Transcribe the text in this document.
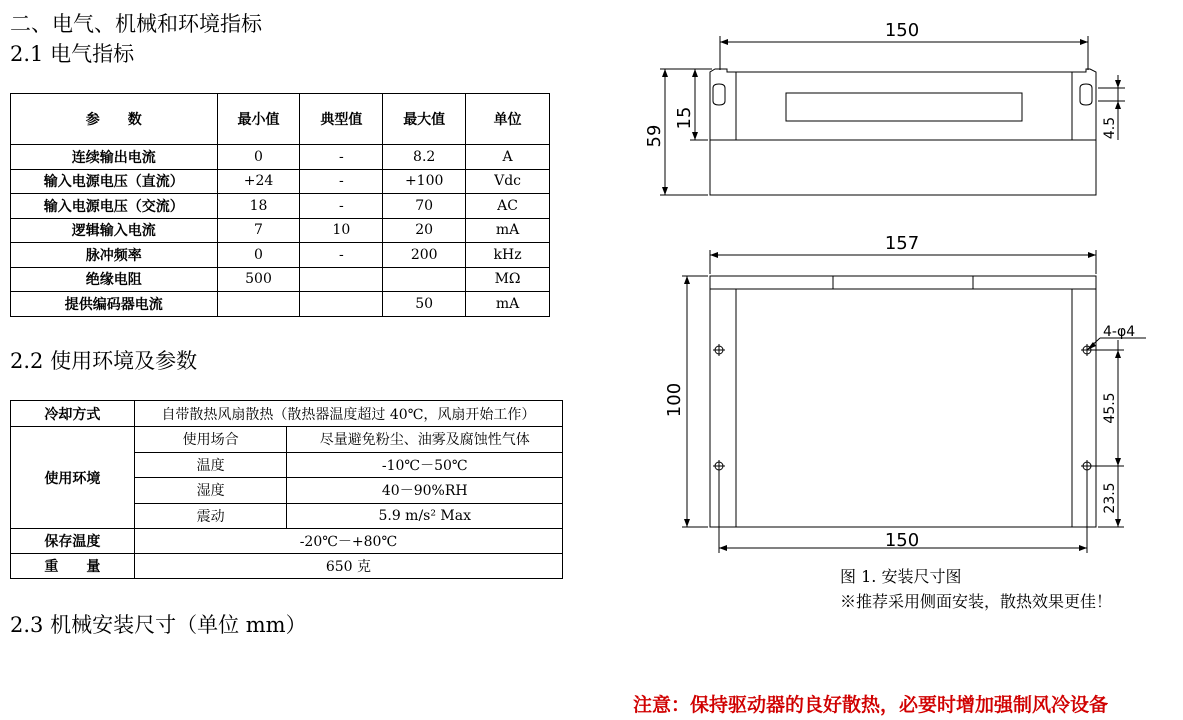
二、电气、机械和环境指标
2.1 电气指标
2.2 使用环境及参数
2.3 机械安装尺寸（单位 mm）
参　　数	最小值	典型值	最大值	单位
连续输出电流	0	-	8.2	A
输入电源电压（直流）	+24	-	+100	Vdc
输入电源电压（交流）	18	-	70	AC
逻辑输入电流	7	10	20	mA
脉冲频率	0	-	200	kHz
绝缘电阻	500			MΩ
提供编码器电流			50	mA
冷却方式	自带散热风扇散热（散热器温度超过 40℃，风扇开始工作）	
使用环境	使用场合	尽量避免粉尘、油雾及腐蚀性气体
	温度	-10℃－50℃
	湿度	40－90%RH
	震动	5.9 m/s² Max
保存温度	-20℃－+80℃	
重　　量	650 克	
150
59
15
157
150
100
4.5
4-φ4
45.5
23.5
图 1. 安装尺寸图
※推荐采用侧面安装，散热效果更佳！
注意：保持驱动器的良好散热，必要时增加强制风冷设备
